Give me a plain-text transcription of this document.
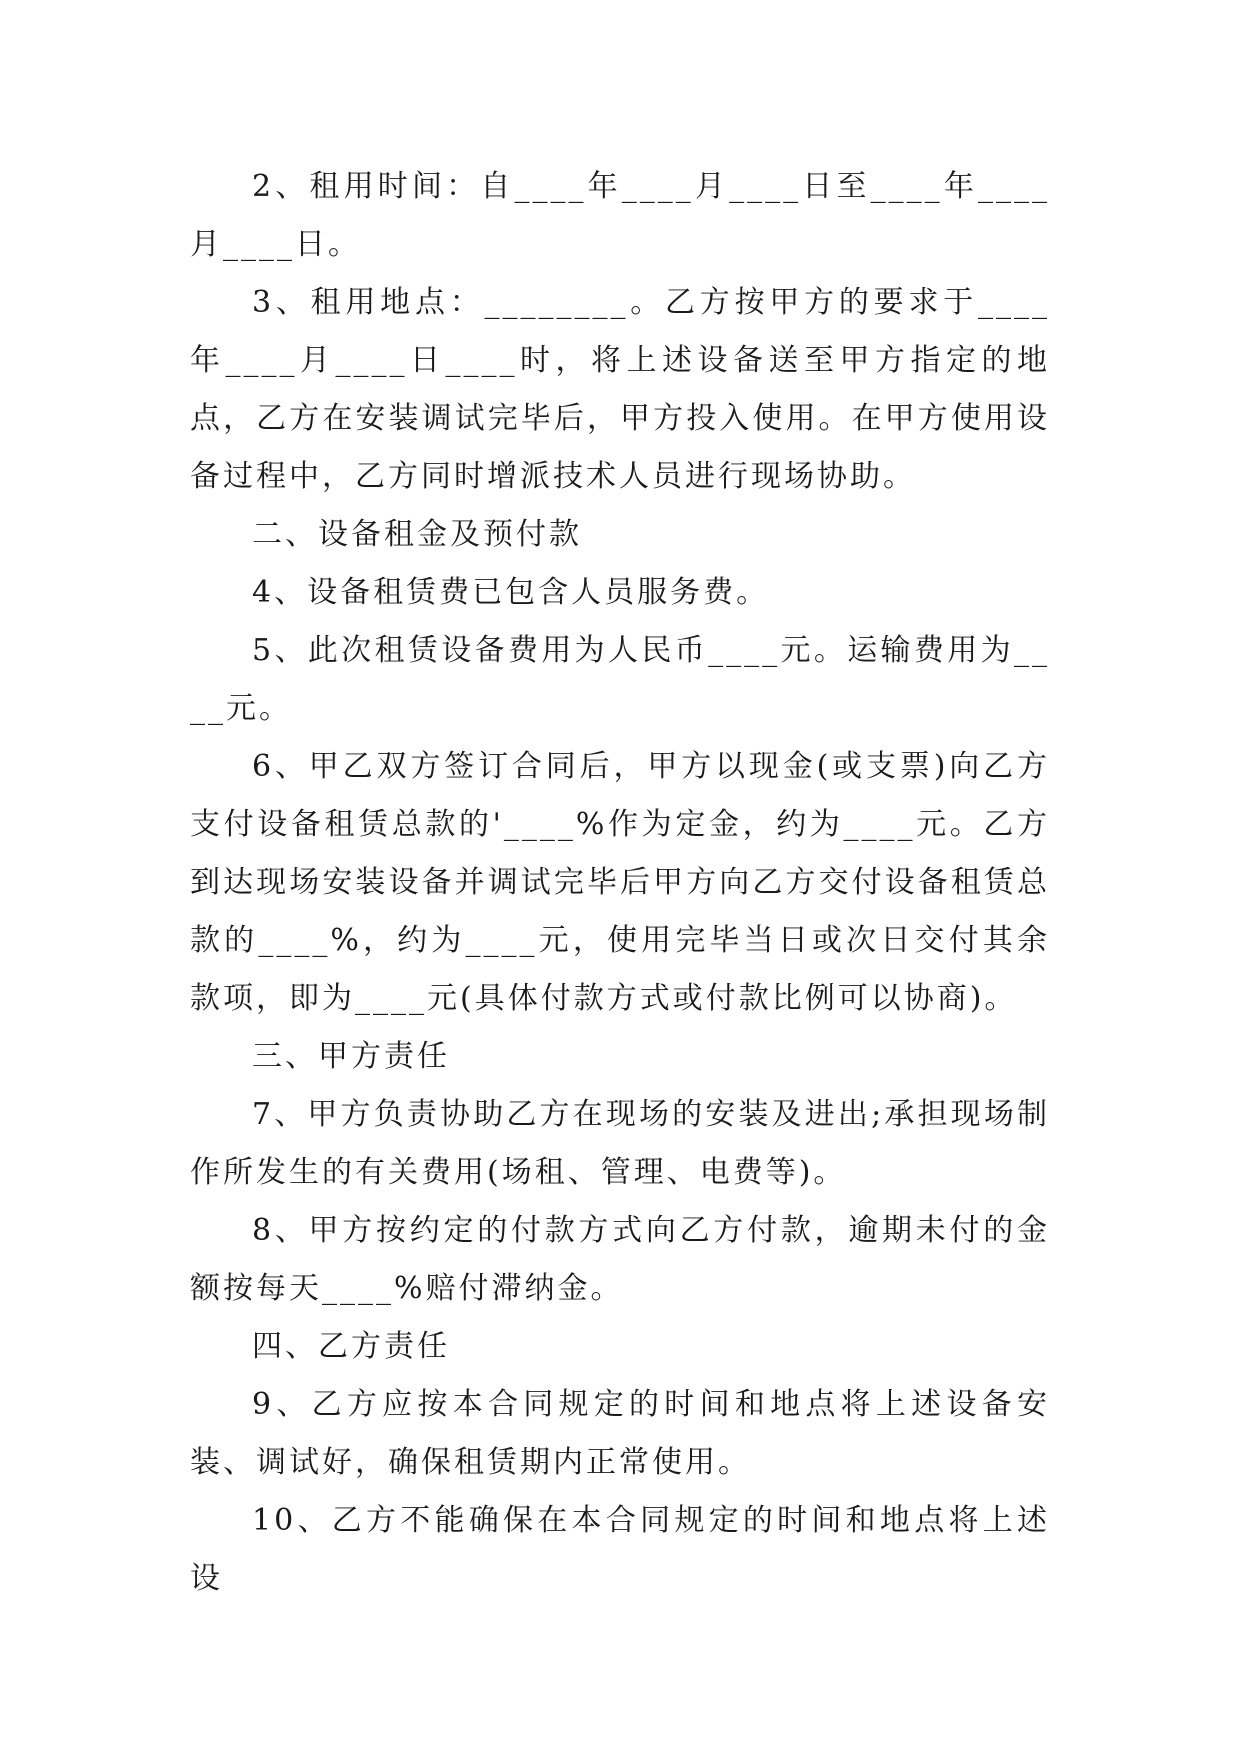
2、租用时间：自____年____月____日至____年____月____日。

3、租用地点：________。乙方按甲方的要求于____年____月____日____时，将上述设备送至甲方指定的地点，乙方在安装调试完毕后，甲方投入使用。在甲方使用设备过程中，乙方同时增派技术人员进行现场协助。

二、设备租金及预付款

4、设备租赁费已包含人员服务费。

5、此次租赁设备费用为人民币____元。运输费用为____元。

6、甲乙双方签订合同后，甲方以现金(或支票)向乙方支付设备租赁总款的'____%作为定金，约为____元。乙方到达现场安装设备并调试完毕后甲方向乙方交付设备租赁总款的____%，约为____元，使用完毕当日或次日交付其余款项，即为____元(具体付款方式或付款比例可以协商)。

三、甲方责任

7、甲方负责协助乙方在现场的安装及进出;承担现场制作所发生的有关费用(场租、管理、电费等)。

8、甲方按约定的付款方式向乙方付款，逾期未付的金额按每天____%赔付滞纳金。

四、乙方责任

9、乙方应按本合同规定的时间和地点将上述设备安装、调试好，确保租赁期内正常使用。

10、乙方不能确保在本合同规定的时间和地点将上述设
